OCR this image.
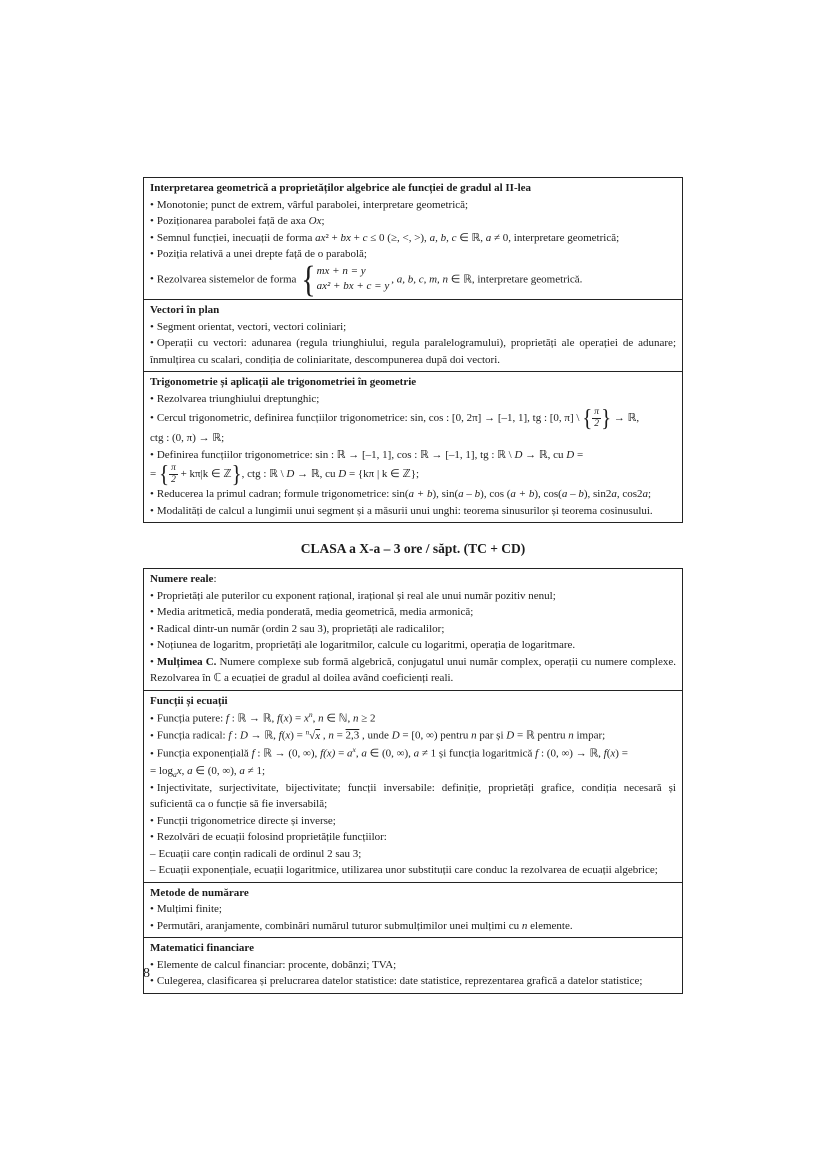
Interpretarea geometrică a proprietăților algebrice ale funcției de gradul al II-lea
• Monotonie; punct de extrem, vârful parabolei, interpretare geometrică;
• Poziționarea parabolei față de axa Ox;
• Semnul funcției, inecuații de forma ax² + bx + c ≤ 0 (≥, <, >), a, b, c ∈ ℝ, a ≠ 0, interpretare geometrică;
• Poziția relativă a unei drepte față de o parabolă;
• Rezolvarea sistemelor de forma { mx + n = y
ax² + bx + c = y
, a, b, c, m, n ∈ ℝ, interpretare geometrică.
Vectori în plan
• Segment orientat, vectori, vectori coliniari;
• Operații cu vectori: adunarea (regula triunghiului, regula paralelogramului), proprietăți ale operației de adunare; înmulțirea cu scalari, condiția de coliniaritate, descompunerea după doi vectori.
Trigonometrie și aplicații ale trigonometriei în geometrie
• Rezolvarea triunghiului dreptunghic;
• Cercul trigonometric, definirea funcțiilor trigonometrice: sin, cos : [0, 2π] → [–1, 1], tg : [0, π] \ { $\frac{\pi}{2}$ } → ℝ,
ctg : (0, π) → ℝ;
• Definirea funcțiilor trigonometrice: sin : ℝ → [–1, 1], cos : ℝ → [–1, 1], tg : ℝ \ D → ℝ, cu D =
= { $\frac{\pi}{2} + k\pi|k$ ∈ ℤ } , ctg : ℝ \ D → ℝ, cu D = {kπ | k ∈ ℤ};
• Reducerea la primul cadran; formule trigonometrice: sin(a + b), sin(a – b), cos (a + b), cos(a – b), sin2a, cos2a;
• Modalități de calcul a lungimii unui segment și a măsurii unui unghi: teorema sinusurilor și teorema cosinusului.
CLASA a X-a – 3 ore / săpt. (TC + CD)
Numere reale:
• Proprietăți ale puterilor cu exponent rațional, irațional și real ale unui număr pozitiv nenul;
• Media aritmetică, media ponderată, media geometrică, media armonică;
• Radical dintr-un număr (ordin 2 sau 3), proprietăți ale radicalilor;
• Noțiunea de logaritm, proprietăți ale logaritmilor, calcule cu logaritmi, operația de logaritmare.
• Mulțimea C. Numere complexe sub formă algebrică, conjugatul unui număr complex, operații cu numere complexe. Rezolvarea în ℂ a ecuației de gradul al doilea având coeficienți reali.
Funcții și ecuații
• Funcția putere: f : ℝ → ℝ, $f(x) = x^n$, n ∈ ℕ, n ≥ 2
• Funcția radical: f : D → ℝ, f(x) = $^n$√x , n = 2,3 , unde D = [0, ∞) pentru n par și D = ℝ pentru n impar;
• Funcția exponențială f : ℝ → (0, ∞), $f(x) = a^x$, a ∈ (0, ∞), a ≠ 1 și funcția logaritmică f : (0, ∞) → ℝ, f(x) =
= $\log_ax$, a ∈ (0, ∞), a ≠ 1;
• Injectivitate, surjectivitate, bijectivitate; funcții inversabile: definiție, proprietăți grafice, condiția necesară și suficientă ca o funcție să fie inversabilă;
• Funcții trigonometrice directe și inverse;
• Rezolvări de ecuații folosind proprietățile funcțiilor:
– Ecuații care conțin radicali de ordinul 2 sau 3;
– Ecuații exponențiale, ecuații logaritmice, utilizarea unor substituții care conduc la rezolvarea de ecuații algebrice;
Metode de numărare
• Mulțimi finite;
• Permutări, aranjamente, combinări numărul tuturor submulțimilor unei mulțimi cu n elemente.
Matematici financiare
• Elemente de calcul financiar: procente, dobânzi; TVA;
• Culegerea, clasificarea și prelucrarea datelor statistice: date statistice, reprezentarea grafică a datelor statistice;
8
